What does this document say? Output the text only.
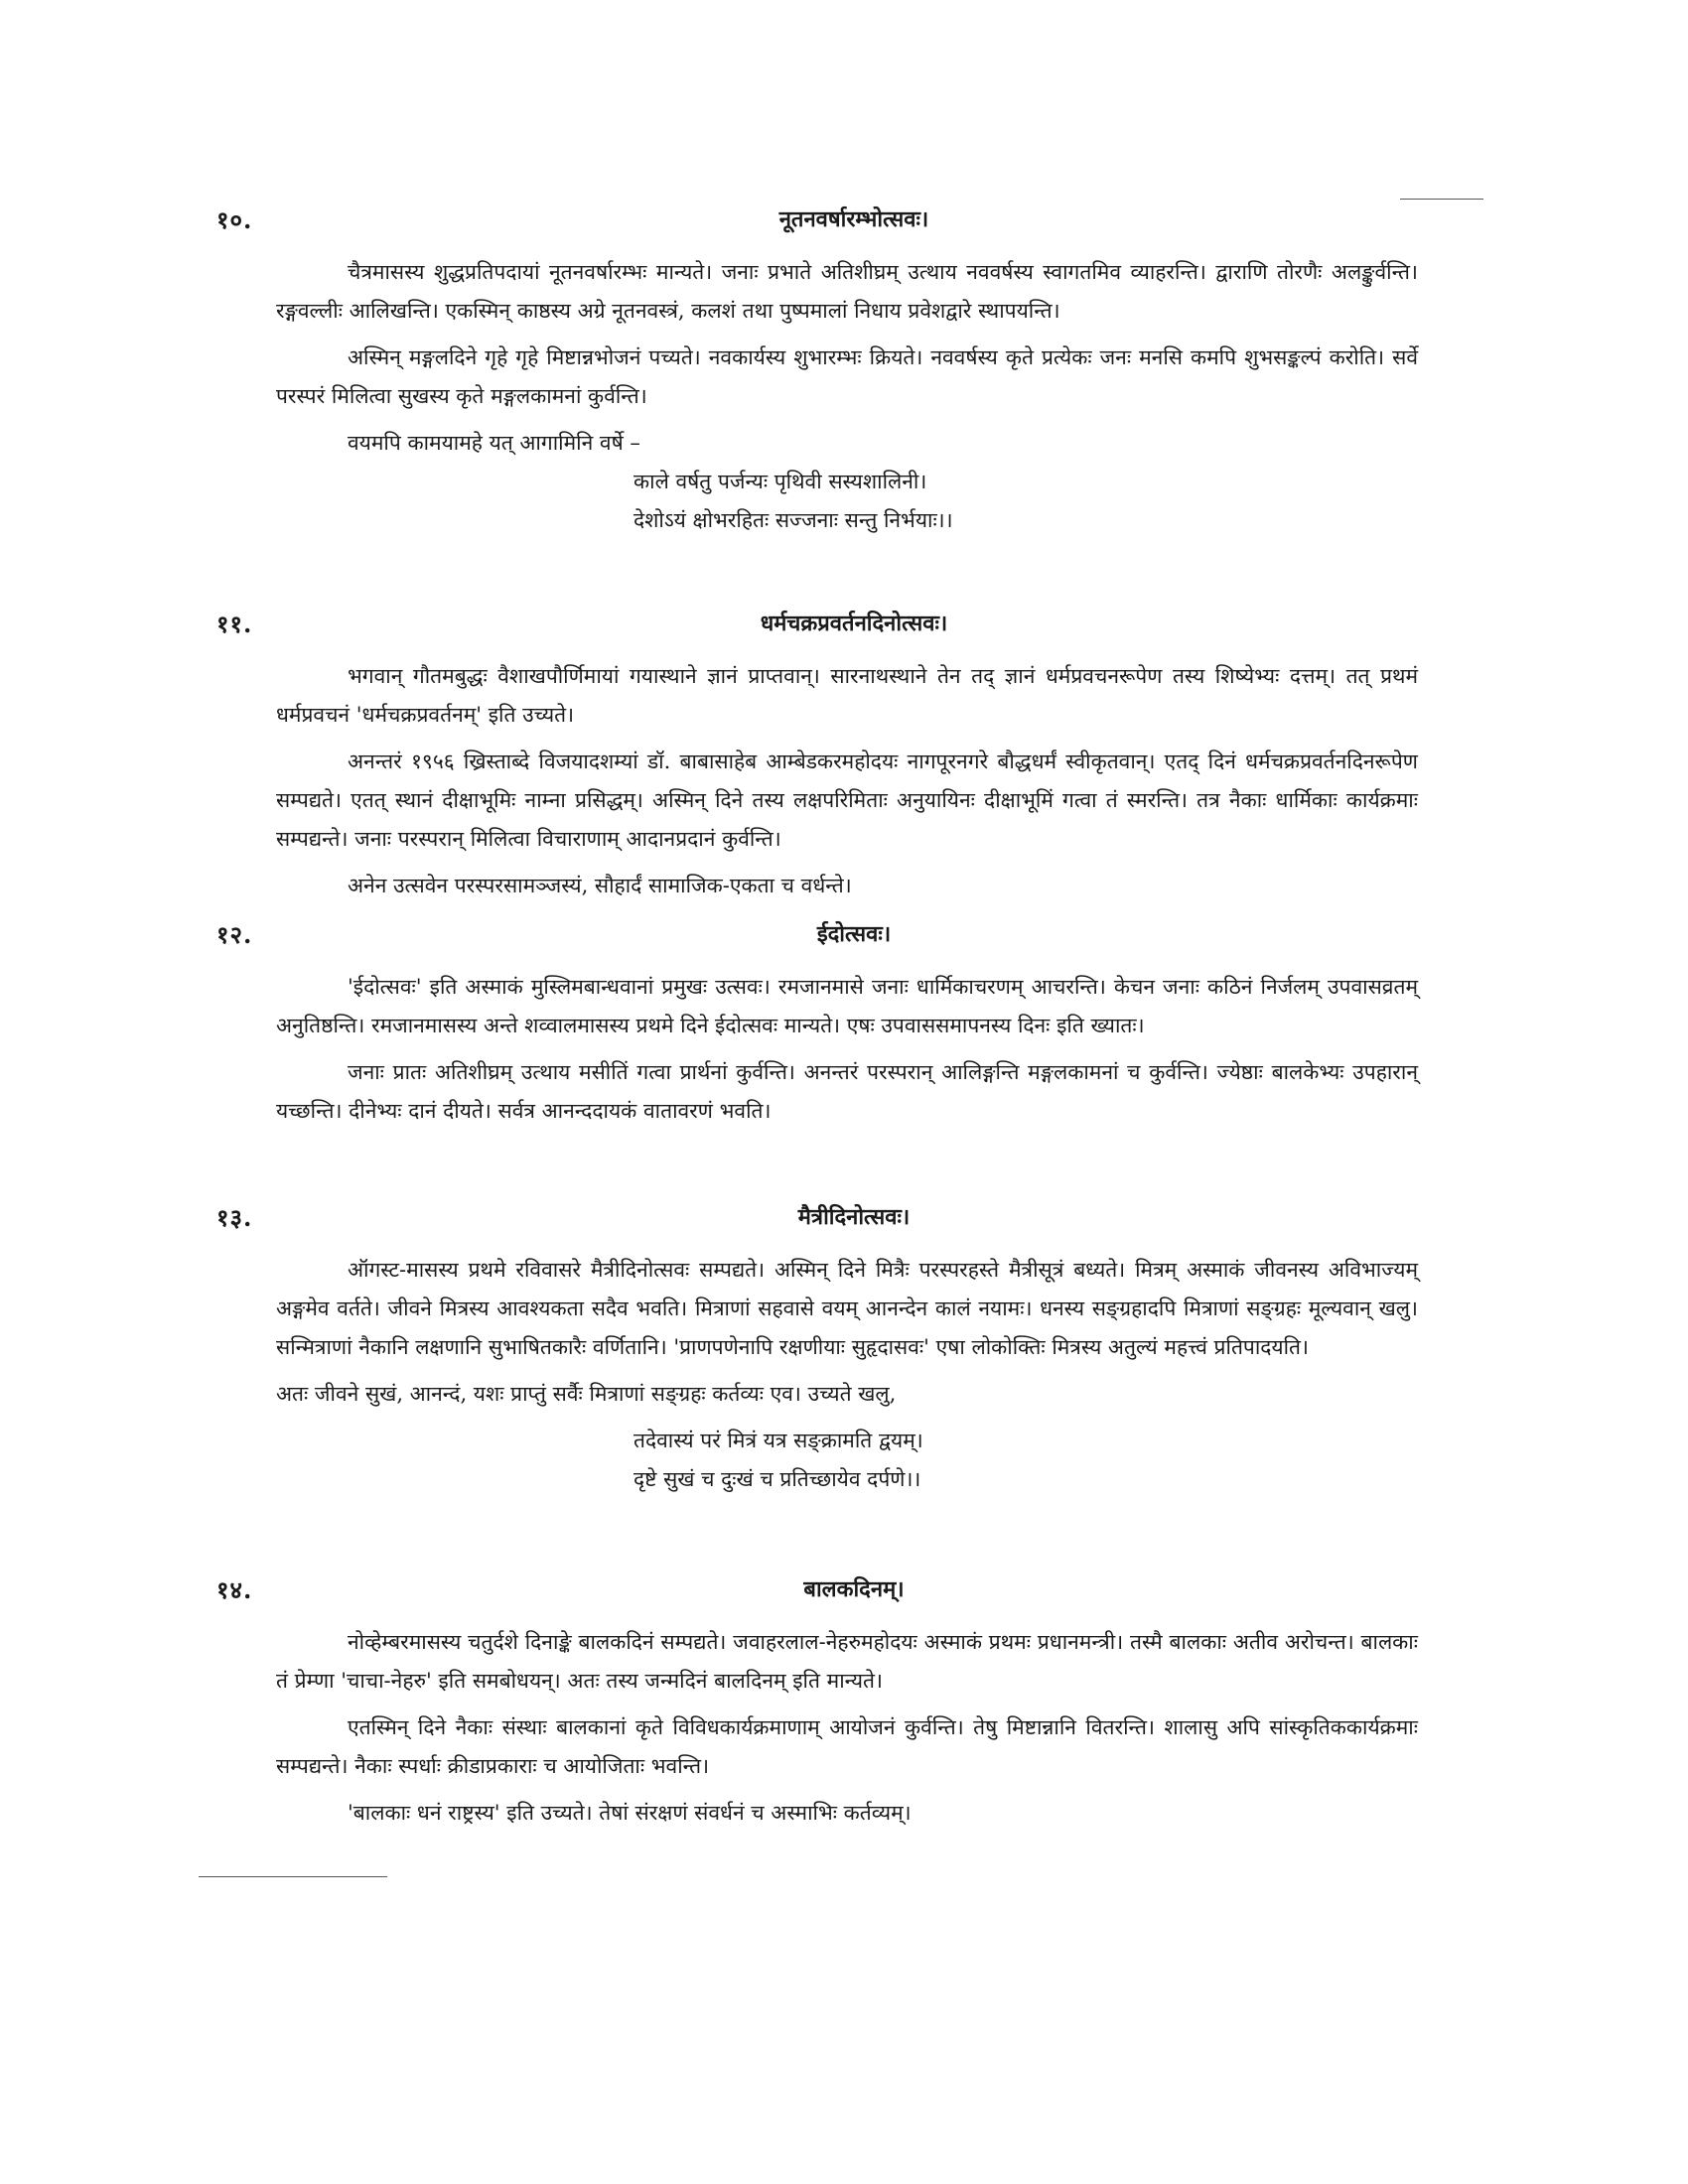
१०.	नूतनवर्षारम्भोत्सवः।

चैत्रमासस्य शुद्धप्रतिपदायां नूतनवर्षारम्भः मान्यते। जनाः प्रभाते अतिशीघ्रम् उत्थाय नववर्षस्य स्वागतमिव व्याहरन्ति। द्वाराणि तोरणैः अलङ्कुर्वन्ति। रङ्गवल्लीः आलिखन्ति। एकस्मिन् काष्ठस्य अग्रे नूतनवस्त्रं, कलशं तथा पुष्पमालां निधाय प्रवेशद्वारे स्थापयन्ति।

अस्मिन् मङ्गलदिने गृहे गृहे मिष्टान्नभोजनं पच्यते। नवकार्यस्य शुभारम्भः क्रियते। नववर्षस्य कृते प्रत्येकः जनः मनसि कमपि शुभसङ्कल्पं करोति। सर्वे परस्परं मिलित्वा सुखस्य कृते मङ्गलकामनां कुर्वन्ति।

वयमपि कामयामहे यत् आगामिनि वर्षे –

काले वर्षतु पर्जन्यः पृथिवी सस्यशालिनी।

देशोऽयं क्षोभरहितः सज्जनाः सन्तु निर्भयाः।।

११.	धर्मचक्रप्रवर्तनदिनोत्सवः।

भगवान् गौतमबुद्धः वैशाखपौर्णिमायां गयास्थाने ज्ञानं प्राप्तवान्। सारनाथस्थाने तेन तद् ज्ञानं धर्मप्रवचनरूपेण तस्य शिष्येभ्यः दत्तम्। तत् प्रथमं धर्मप्रवचनं 'धर्मचक्रप्रवर्तनम्' इति उच्यते।

अनन्तरं १९५६ ख्रिस्ताब्दे विजयादशम्यां डॉ. बाबासाहेब आम्बेडकरमहोदयः नागपूरनगरे बौद्धधर्मं स्वीकृतवान्। एतद् दिनं धर्मचक्रप्रवर्तनदिनरूपेण सम्पद्यते। एतत् स्थानं दीक्षाभूमिः नाम्ना प्रसिद्धम्। अस्मिन् दिने तस्य लक्षपरिमिताः अनुयायिनः दीक्षाभूमिं गत्वा तं स्मरन्ति। तत्र नैकाः धार्मिकाः कार्यक्रमाः सम्पद्यन्ते। जनाः परस्परान् मिलित्वा विचाराणाम् आदानप्रदानं कुर्वन्ति।

अनेन उत्सवेन परस्परसामञ्जस्यं, सौहार्दं सामाजिक-एकता च वर्धन्ते।

१२.	ईदोत्सवः।

'ईदोत्सवः' इति अस्माकं मुस्लिमबान्धवानां प्रमुखः उत्सवः। रमजानमासे जनाः धार्मिकाचरणम् आचरन्ति। केचन जनाः कठिनं निर्जलम् उपवासव्रतम् अनुतिष्ठन्ति। रमजानमासस्य अन्ते शव्वालमासस्य प्रथमे दिने ईदोत्सवः मान्यते। एषः उपवाससमापनस्य दिनः इति ख्यातः।

जनाः प्रातः अतिशीघ्रम् उत्थाय मसीतिं गत्वा प्रार्थनां कुर्वन्ति। अनन्तरं परस्परान् आलिङ्गन्ति मङ्गलकामनां च कुर्वन्ति। ज्येष्ठाः बालकेभ्यः उपहारान् यच्छन्ति। दीनेभ्यः दानं दीयते। सर्वत्र आनन्ददायकं वातावरणं भवति।

१३.	मैत्रीदिनोत्सवः।

ऑगस्ट-मासस्य प्रथमे रविवासरे मैत्रीदिनोत्सवः सम्पद्यते। अस्मिन् दिने मित्रैः परस्परहस्ते मैत्रीसूत्रं बध्यते। मित्रम् अस्माकं जीवनस्य अविभाज्यम् अङ्गमेव वर्तते। जीवने मित्रस्य आवश्यकता सदैव भवति। मित्राणां सहवासे वयम् आनन्देन कालं नयामः। धनस्य सङ्ग्रहादपि मित्राणां सङ्ग्रहः मूल्यवान् खलु। सन्मित्राणां नैकानि लक्षणानि सुभाषितकारैः वर्णितानि। 'प्राणपणेनापि रक्षणीयाः सुहृदासवः' एषा लोकोक्तिः मित्रस्य अतुल्यं महत्त्वं प्रतिपादयति।

अतः जीवने सुखं, आनन्दं, यशः प्राप्तुं सर्वैः मित्राणां सङ्ग्रहः कर्तव्यः एव। उच्यते खलु,

तदेवास्यं परं मित्रं यत्र सङ्क्रामति द्वयम्।

दृष्टे सुखं च दुःखं च प्रतिच्छायेव दर्पणे।।

१४.	बालकदिनम्।

नोव्हेम्बरमासस्य चतुर्दशे दिनाङ्के बालकदिनं सम्पद्यते। जवाहरलाल-नेहरुमहोदयः अस्माकं प्रथमः प्रधानमन्त्री। तस्मै बालकाः अतीव अरोचन्त। बालकाः तं प्रेम्णा 'चाचा-नेहरु' इति समबोधयन्। अतः तस्य जन्मदिनं बालदिनम् इति मान्यते।

एतस्मिन् दिने नैकाः संस्थाः बालकानां कृते विविधकार्यक्रमाणाम् आयोजनं कुर्वन्ति। तेषु मिष्टान्नानि वितरन्ति। शालासु अपि सांस्कृतिककार्यक्रमाः सम्पद्यन्ते। नैकाः स्पर्धाः क्रीडाप्रकाराः च आयोजिताः भवन्ति।

'बालकाः धनं राष्ट्रस्य' इति उच्यते। तेषां संरक्षणं संवर्धनं च अस्माभिः कर्तव्यम्।
